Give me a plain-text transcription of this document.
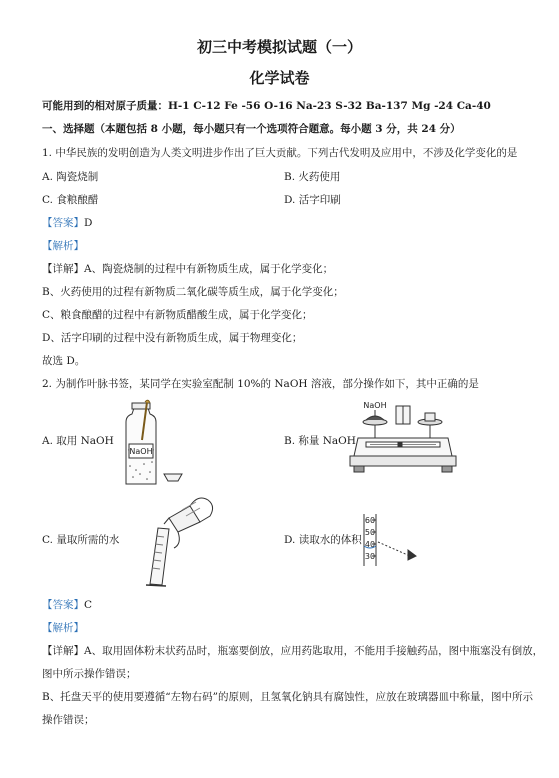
初三中考模拟试题（一）
化学试卷
可能用到的相对原子质量：H-1 C-12 Fe -56 O-16 Na-23 S-32 Ba-137 Mg -24 Ca-40
一、选择题（本题包括 8 小题，每小题只有一个选项符合题意。每小题 3 分，共 24 分）
1. 中华民族的发明创造为人类文明进步作出了巨大贡献。下列古代发明及应用中，不涉及化学变化的是
A. 陶瓷烧制	B. 火药使用
C. 食粮酿醋	D. 活字印刷
【答案】D
【解析】
【详解】A、陶瓷烧制的过程中有新物质生成，属于化学变化；
B、火药使用的过程有新物质二氧化碳等质生成，属于化学变化；
C、粮食酿醋的过程中有新物质醋酸生成，属于化学变化；
D、活字印刷的过程中没有新物质生成，属于物理变化；
故选 D。
2. 为制作叶脉书签，某同学在实验室配制 10%的 NaOH 溶液，部分操作如下，其中正确的是
A. 取用 NaOH
NaOH
B. 称量 NaOH
NaOH
C. 量取所需的水	D. 读取水的体积
60
50
40
30
【答案】C
【解析】
【详解】A、取用固体粉末状药品时，瓶塞要倒放，应用药匙取用，不能用手接触药品，图中瓶塞没有倒放，
图中所示操作错误；
B、托盘天平的使用要遵循“左物右码”的原则，且氢氧化钠具有腐蚀性，应放在玻璃器皿中称量，图中所示
操作错误；
